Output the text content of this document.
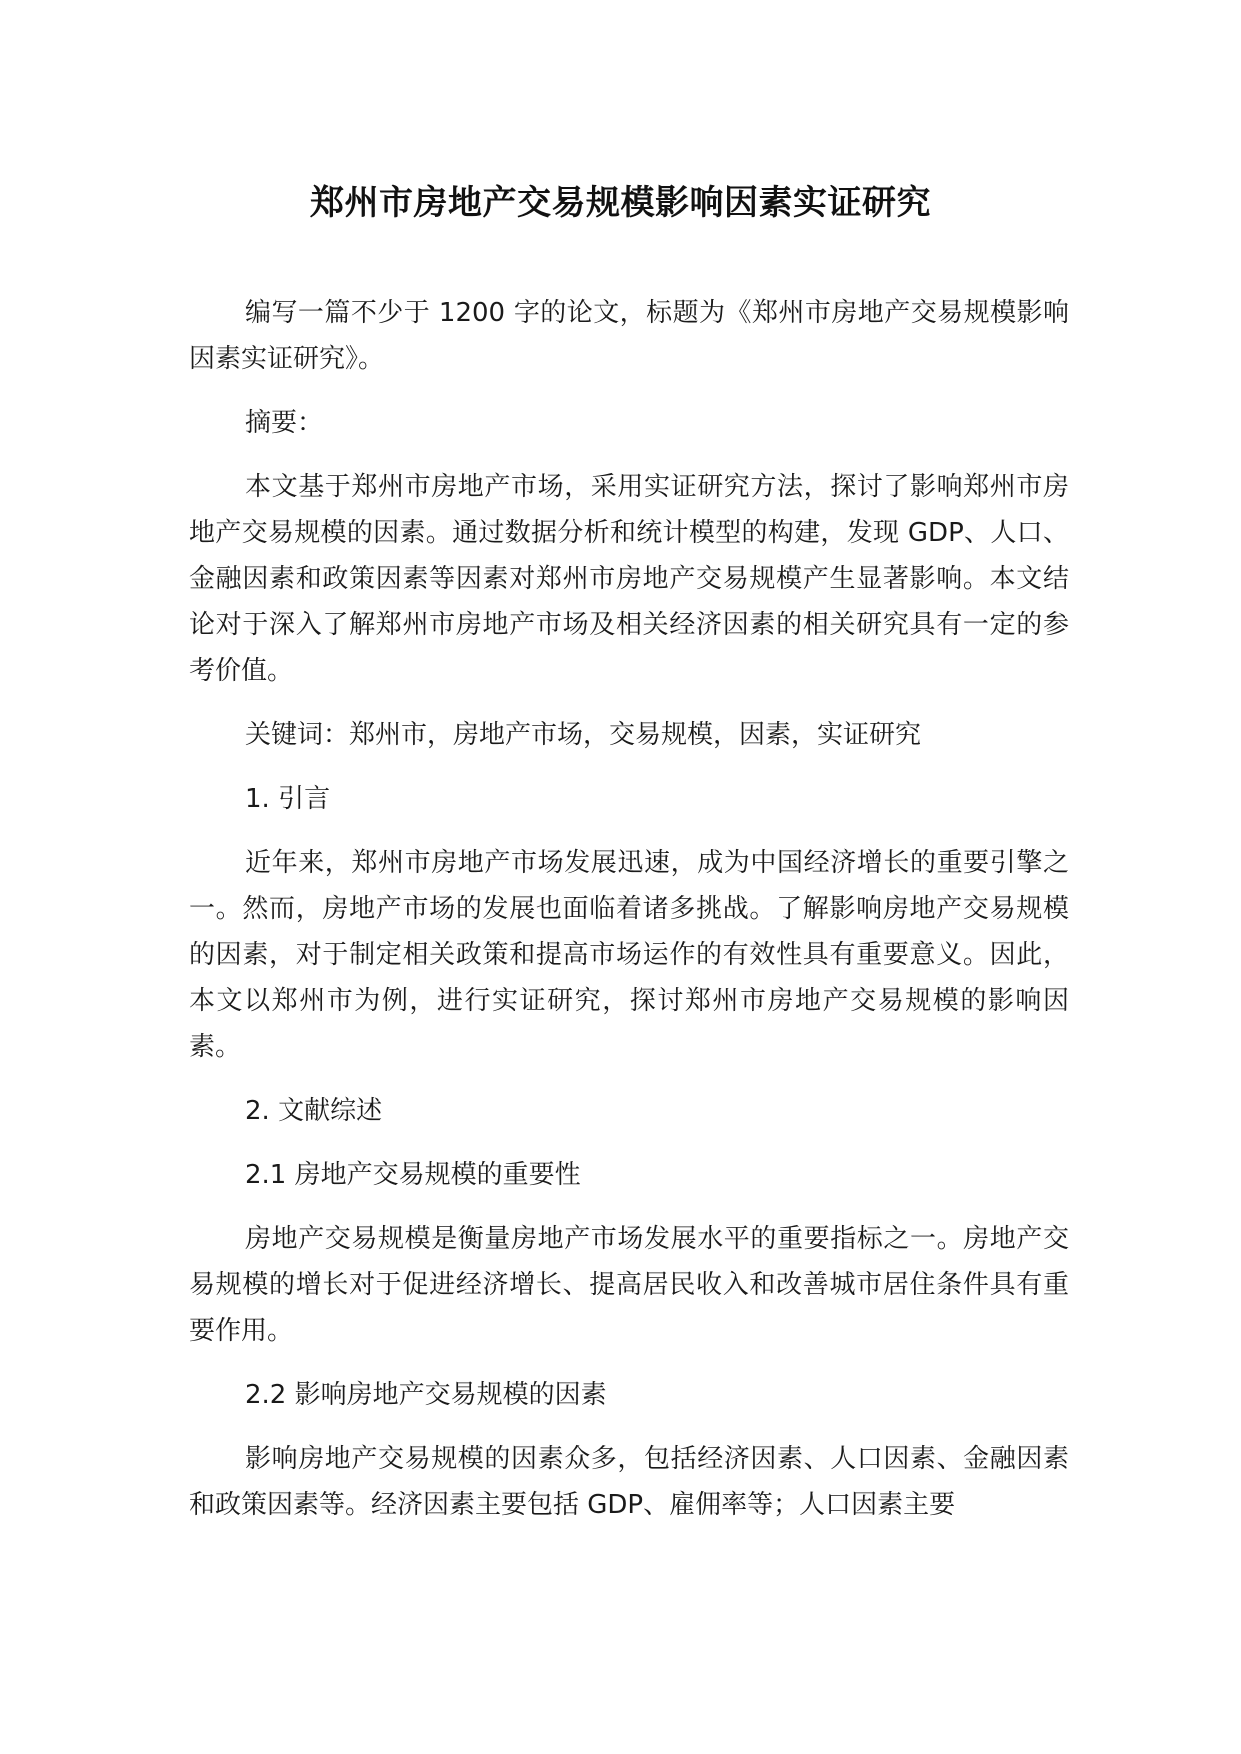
郑州市房地产交易规模影响因素实证研究

编写一篇不少于 1200 字的论文，标题为《郑州市房地产交易规模影响因素实证研究》。

摘要：

本文基于郑州市房地产市场，采用实证研究方法，探讨了影响郑州市房地产交易规模的因素。通过数据分析和统计模型的构建，发现 GDP、人口、金融因素和政策因素等因素对郑州市房地产交易规模产生显著影响。本文结论对于深入了解郑州市房地产市场及相关经济因素的相关研究具有一定的参考价值。

关键词：郑州市，房地产市场，交易规模，因素，实证研究

1. 引言

近年来，郑州市房地产市场发展迅速，成为中国经济增长的重要引擎之一。然而，房地产市场的发展也面临着诸多挑战。了解影响房地产交易规模的因素，对于制定相关政策和提高市场运作的有效性具有重要意义。因此，本文以郑州市为例，进行实证研究，探讨郑州市房地产交易规模的影响因素。

2. 文献综述

2.1 房地产交易规模的重要性

房地产交易规模是衡量房地产市场发展水平的重要指标之一。房地产交易规模的增长对于促进经济增长、提高居民收入和改善城市居住条件具有重要作用。

2.2 影响房地产交易规模的因素

影响房地产交易规模的因素众多，包括经济因素、人口因素、金融因素和政策因素等。经济因素主要包括 GDP、雇佣率等；人口因素主要
